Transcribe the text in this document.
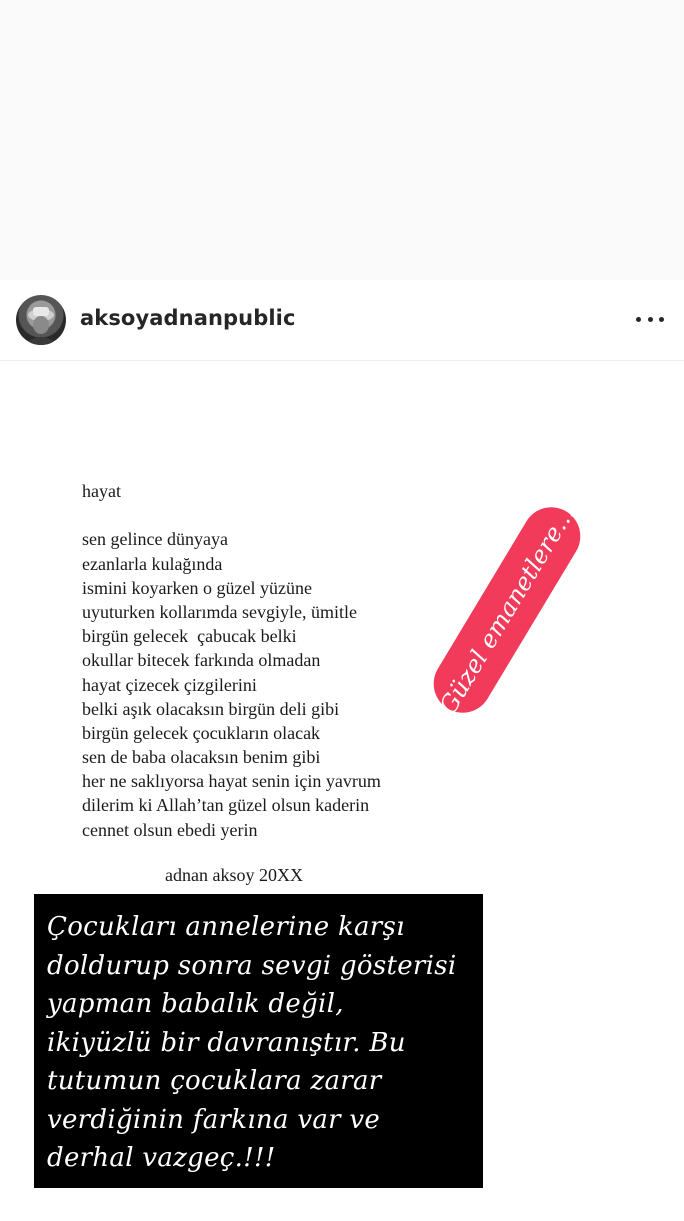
aksoyadnanpublic
hayat
sen gelince dünyaya
ezanlarla kulağında
ismini koyarken o güzel yüzüne
uyuturken kollarımda sevgiyle, ümitle
birgün gelecek  çabucak belki
okullar bitecek farkında olmadan
hayat çizecek çizgilerini
belki aşık olacaksın birgün deli gibi
birgün gelecek çocukların olacak
sen de baba olacaksın benim gibi
her ne saklıyorsa hayat senin için yavrum
dilerim ki Allah’tan güzel olsun kaderin
cennet olsun ebedi yerin
adnan aksoy 20XX
Güzel emanetlere...
Çocukları annelerine karşı
doldurup sonra sevgi gösterisi
yapman babalık değil,
ikiyüzlü bir davranıştır. Bu
tutumun çocuklara zarar
verdiğinin farkına var ve
derhal vazgeç.!!!
